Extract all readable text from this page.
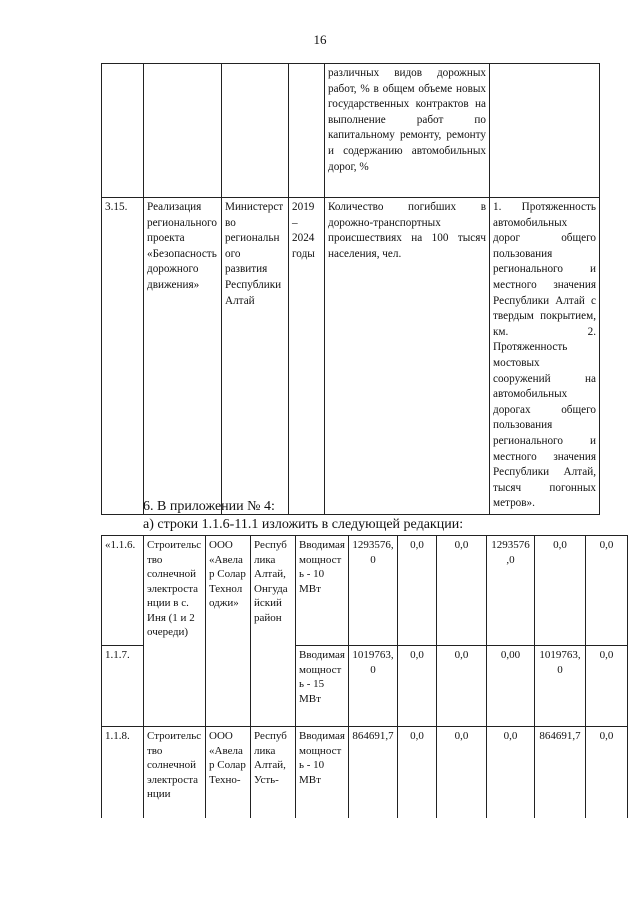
16
				различных видов дорожных работ, % в общем объеме новых государственных контрактов на выполнение работ по капитальному ремонту, ремонту и содержанию автомобильных дорог, %	
3.15.	Реализация регионального проекта «Безопасность дорожного движения»	Министерство регионального развития Республики Алтай	2019 – 2024 годы	Количество погибших в дорожно-транспортных происшествиях на 100 тысяч населения, чел.	1. Протяженность автомобильных дорог общего пользования регионального и местного значения Республики Алтай с твердым покрытием, км. 2. Протяженность мостовых сооружений на автомобильных дорогах общего пользования регионального и местного значения Республики Алтай, тысяч погонных метров».
6. В приложении № 4:
а) строки 1.1.6-11.1 изложить в следующей редакции:
«1.1.6.	Строительство солнечной электростанции в с. Иня (1 и 2 очереди)	ООО «Авелар Солар Технолоджи»	Республика Алтай, Онгудайский район	Вводимая мощность - 10 МВт	1293576,0	0,0	0,0	1293576,0	0,0	0,0
1.1.7.				Вводимая мощность - 15 МВт	1019763,0	0,0	0,0	0,00	1019763,0	0,0
1.1.8.	Строительство солнечной электростанции	ООО «Авелар Солар Техно-	Республика Алтай, Усть-	Вводимая мощность - 10 МВт	864691,7	0,0	0,0	0,0	864691,7	0,0
